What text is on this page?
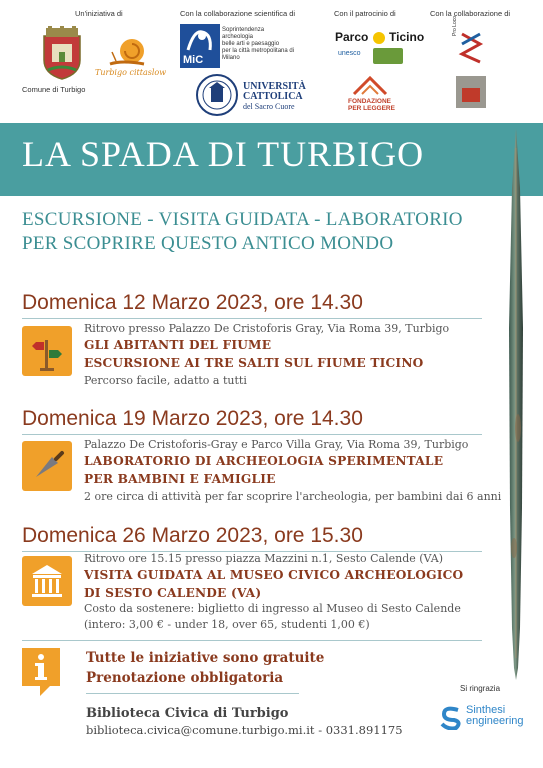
Un'iniziativa di	Con la collaborazione scientifica di	Con il patrocinio di	Con la collaborazione di
Comune di Turbigo
Turbigo cittaslow
MiC
Soprintendenza
archeologia
belle arti e paesaggio
per la città metropolitana di
Milano
UNIVERSITÀ
CATTOLICA
del Sacro Cuore
Parco Ticino
unesco
FONDAZIONE
PER LEGGERE
Pro Loco
LA SPADA DI TURBIGO
ESCURSIONE - VISITA GUIDATA - LABORATORIO
PER SCOPRIRE QUESTO ANTICO MONDO
Domenica 12 Marzo 2023, ore 14.30
Ritrovo presso Palazzo De Cristoforis Gray, Via Roma 39, Turbigo
GLI ABITANTI DEL FIUME
ESCURSIONE AI TRE SALTI SUL FIUME TICINO
Percorso facile, adatto a tutti
Domenica 19 Marzo 2023, ore 14.30
Palazzo De Cristoforis-Gray e Parco Villa Gray, Via Roma 39, Turbigo
LABORATORIO DI ARCHEOLOGIA SPERIMENTALE
PER BAMBINI E FAMIGLIE
2 ore circa di attività per far scoprire l'archeologia, per bambini dai 6 anni
Domenica 26 Marzo 2023, ore 15.30
Ritrovo ore 15.15 presso piazza Mazzini n.1, Sesto Calende (VA)
VISITA GUIDATA AL MUSEO CIVICO ARCHEOLOGICO
DI SESTO CALENDE (VA)
Costo da sostenere: biglietto di ingresso al Museo di Sesto Calende
(intero: 3,00 € - under 18, over 65, studenti 1,00 €)
Tutte le iniziative sono gratuite
Prenotazione obbligatoria
Biblioteca Civica di Turbigo
biblioteca.civica@comune.turbigo.mi.it - 0331.891175
Si ringrazia
Sinthesi
engineering
